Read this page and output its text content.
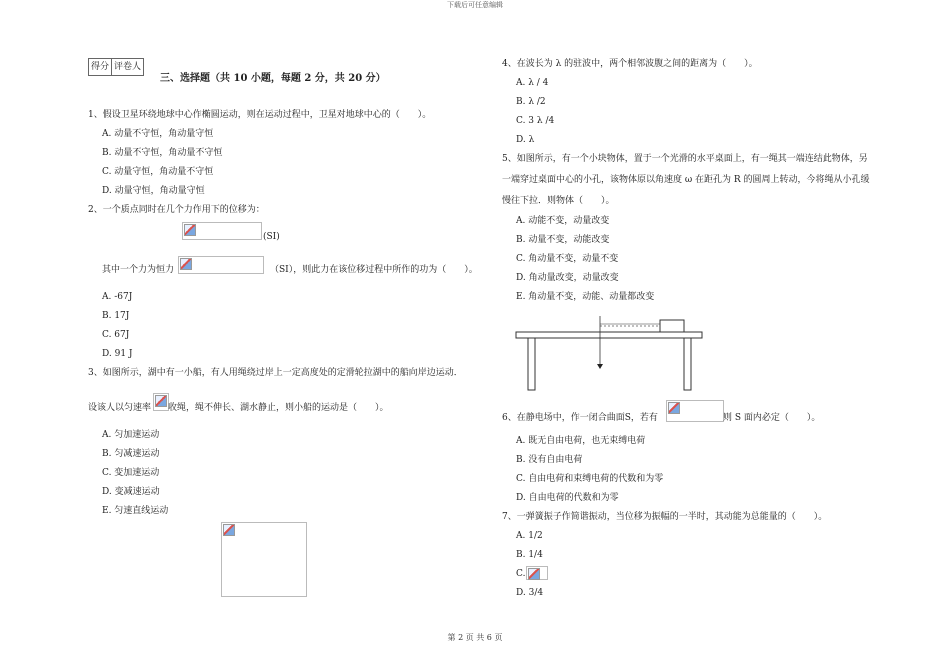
下载后可任意编辑
得分	评卷人
三、选择题（共 10 小题，每题 2 分，共 20 分）
1、假设卫星环绕地球中心作椭圆运动，则在运动过程中，卫星对地球中心的（　　）。
A. 动量不守恒，角动量守恒
B. 动量不守恒，角动量不守恒
C. 动量守恒，角动量不守恒
D. 动量守恒，角动量守恒
2、一个质点同时在几个力作用下的位移为：
(SI)
其中一个力为恒力	（SI），则此力在该位移过程中所作的功为（　　）。
A. -67J
B. 17J
C. 67J
D. 91 J
3、如图所示，湖中有一小船，有人用绳绕过岸上一定高度处的定滑轮拉湖中的船向岸边运动．
设该人以匀速率 收绳，绳不伸长、湖水静止，则小船的运动是（　　）。
A. 匀加速运动
B. 匀减速运动
C. 变加速运动
D. 变减速运动
E. 匀速直线运动
4、在波长为 λ 的驻波中，两个相邻波腹之间的距离为（　　）。
A. λ / 4
B. λ /2
C. 3 λ /4
D. λ
5、如图所示，有一个小块物体，置于一个光滑的水平桌面上，有一绳其一端连结此物体，另
一端穿过桌面中心的小孔，该物体原以角速度 ω 在距孔为 R 的圆周上转动，今将绳从小孔缓
慢往下拉．则物体（　　）。
A. 动能不变，动量改变
B. 动量不变，动能改变
C. 角动量不变，动量不变
D. 角动量改变，动量改变
E. 角动量不变，动能、动量都改变
6、在静电场中，作一闭合曲面S，若有	则 S 面内必定（　　）。
A. 既无自由电荷，也无束缚电荷
B. 没有自由电荷
C. 自由电荷和束缚电荷的代数和为零
D. 自由电荷的代数和为零
7、一弹簧振子作简谐振动，当位移为振幅的一半时，其动能为总能量的（　　）。
A. 1/2
B. 1/4
C.
D. 3/4
第 2 页 共 6 页
